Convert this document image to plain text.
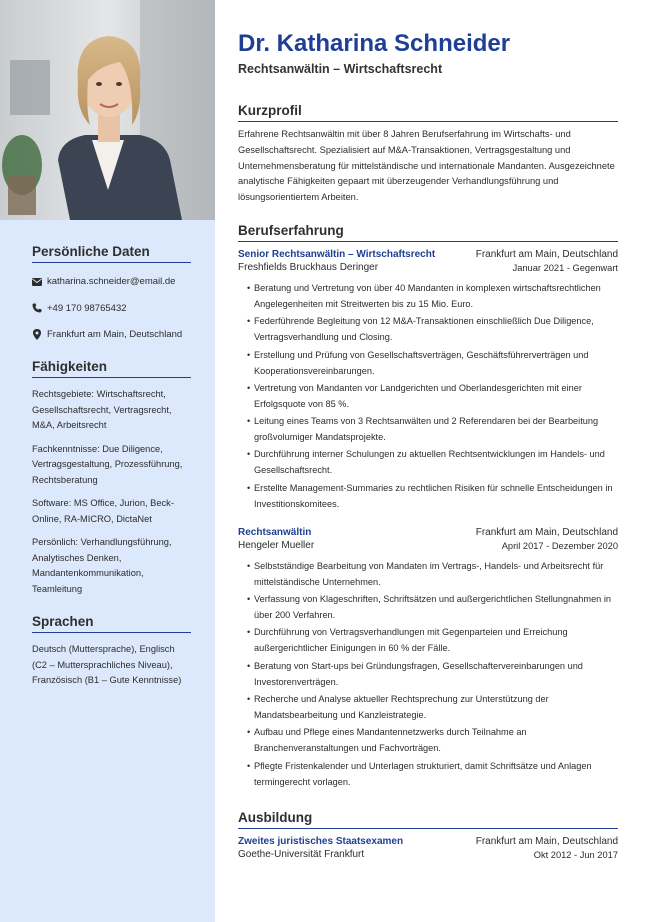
Persönliche Daten
katharina.schneider@email.de
+49 170 98765432
Frankfurt am Main, Deutschland
Fähigkeiten
Rechtsgebiete: Wirtschaftsrecht, Gesellschaftsrecht, Vertragsrecht, M&A, Arbeitsrecht
Fachkenntnisse: Due Diligence, Vertragsgestaltung, Prozessführung, Rechtsberatung
Software: MS Office, Jurion, Beck-Online, RA-MICRO, DictaNet
Persönlich: Verhandlungsführung, Analytisches Denken, Mandantenkommunikation, Teamleitung
Sprachen
Deutsch (Muttersprache), Englisch (C2 – Muttersprachliches Niveau), Französisch (B1 – Gute Kenntnisse)
Dr. Katharina Schneider
Rechtsanwältin – Wirtschaftsrecht
Kurzprofil
Erfahrene Rechtsanwältin mit über 8 Jahren Berufserfahrung im Wirtschafts- und Gesellschaftsrecht. Spezialisiert auf M&A-Transaktionen, Vertragsgestaltung und Unternehmensberatung für mittelständische und internationale Mandanten. Ausgezeichnete analytische Fähigkeiten gepaart mit überzeugender Verhandlungsführung und lösungsorientiertem Arbeiten.
Berufserfahrung
Senior Rechtsanwältin – Wirtschaftsrecht
Freshfields Bruckhaus Deringer
Frankfurt am Main, Deutschland
Januar 2021 - Gegenwart
• Beratung und Vertretung von über 40 Mandanten in komplexen wirtschaftsrechtlichen Angelegenheiten mit Streitwerten bis zu 15 Mio. Euro.
• Federführende Begleitung von 12 M&A-Transaktionen einschließlich Due Diligence, Vertragsverhandlung und Closing.
• Erstellung und Prüfung von Gesellschaftsverträgen, Geschäftsführerverträgen und Kooperationsvereinbarungen.
• Vertretung von Mandanten vor Landgerichten und Oberlandesgerichten mit einer Erfolgsquote von 85 %.
• Leitung eines Teams von 3 Rechtsanwälten und 2 Referendaren bei der Bearbeitung großvolumiger Mandatsprojekte.
• Durchführung interner Schulungen zu aktuellen Rechtsentwicklungen im Handels- und Gesellschaftsrecht.
• Erstellte Management-Summaries zu rechtlichen Risiken für schnelle Entscheidungen in Investitionskomitees.
Rechtsanwältin
Hengeler Mueller
Frankfurt am Main, Deutschland
April 2017 - Dezember 2020
• Selbstständige Bearbeitung von Mandaten im Vertrags-, Handels- und Arbeitsrecht für mittelständische Unternehmen.
• Verfassung von Klageschriften, Schriftsätzen und außergerichtlichen Stellungnahmen in über 200 Verfahren.
• Durchführung von Vertragsverhandlungen mit Gegenparteien und Erreichung außergerichtlicher Einigungen in 60 % der Fälle.
• Beratung von Start-ups bei Gründungsfragen, Gesellschaftervereinbarungen und Investorenverträgen.
• Recherche und Analyse aktueller Rechtsprechung zur Unterstützung der Mandatsbearbeitung und Kanzleistrategie.
• Aufbau und Pflege eines Mandantennetzwerks durch Teilnahme an Branchenveranstaltungen und Fachvorträgen.
• Pflegte Fristenkalender und Unterlagen strukturiert, damit Schriftsätze und Anlagen termingerecht vorlagen.
Ausbildung
Zweites juristisches Staatsexamen
Goethe-Universität Frankfurt
Frankfurt am Main, Deutschland
Okt 2012 - Jun 2017
